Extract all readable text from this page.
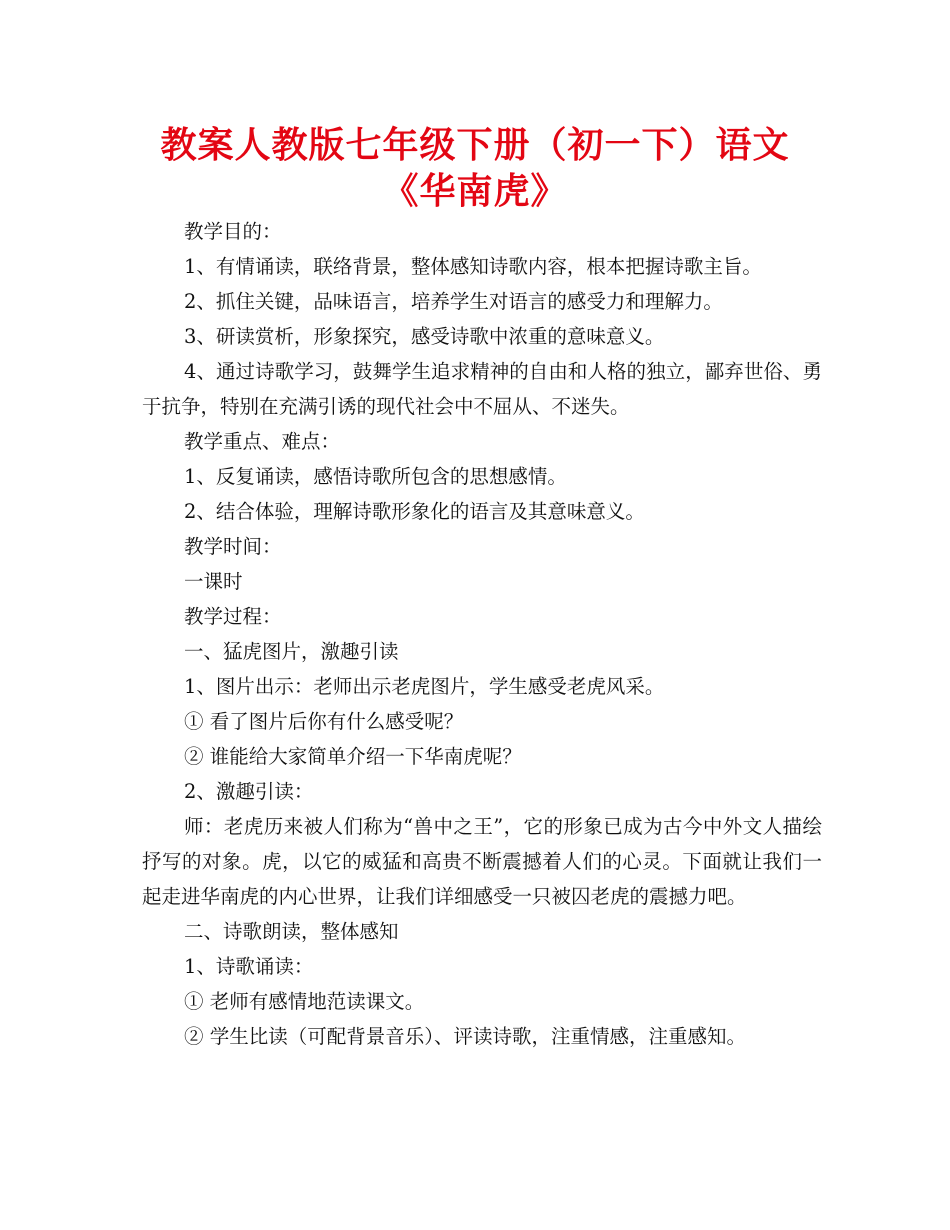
教案人教版七年级下册（初一下）语文
《华南虎》

教学目的：

1、有情诵读，联络背景，整体感知诗歌内容，根本把握诗歌主旨。

2、抓住关键，品味语言，培养学生对语言的感受力和理解力。

3、研读赏析，形象探究，感受诗歌中浓重的意味意义。

4、通过诗歌学习，鼓舞学生追求精神的自由和人格的独立，鄙弃世俗、勇于抗争，特别在充满引诱的现代社会中不屈从、不迷失。

教学重点、难点：

1、反复诵读，感悟诗歌所包含的思想感情。

2、结合体验，理解诗歌形象化的语言及其意味意义。

教学时间：

一课时

教学过程：

一、猛虎图片，激趣引读

1、图片出示：老师出示老虎图片，学生感受老虎风采。

① 看了图片后你有什么感受呢？

② 谁能给大家简单介绍一下华南虎呢？

2、激趣引读：

师：老虎历来被人们称为“兽中之王”，它的形象已成为古今中外文人描绘抒写的对象。虎，以它的威猛和高贵不断震撼着人们的心灵。下面就让我们一起走进华南虎的内心世界，让我们详细感受一只被囚老虎的震撼力吧。

二、诗歌朗读，整体感知

1、诗歌诵读：

① 老师有感情地范读课文。

② 学生比读（可配背景音乐）、评读诗歌，注重情感，注重感知。
